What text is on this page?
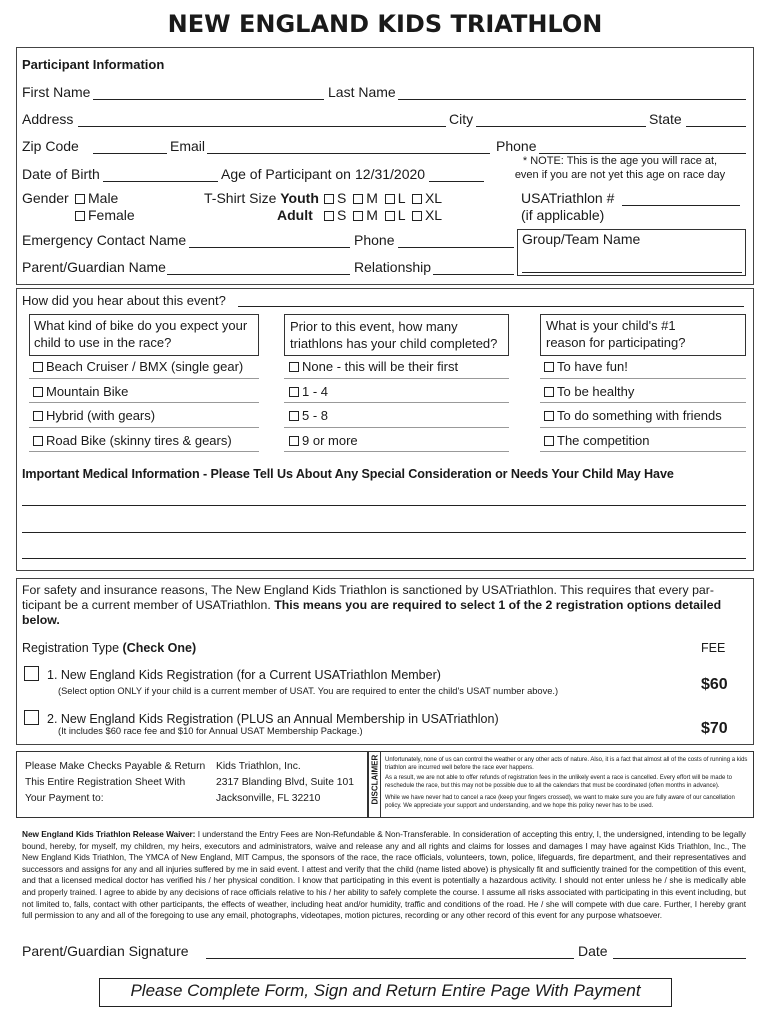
NEW ENGLAND KIDS TRIATHLON
Participant Information
First Name	Last Name
Address	City	State
Zip Code	Email	Phone
Date of Birth	Age of Participant on 12/31/2020
* NOTE: This is the age you will race at,
even if you are not yet this age on race day
Gender	Male
Female
T-Shirt Size Youth
Adult
S M L XL
S M L XL
USATriathlon #
(if applicable)
Emergency Contact Name	Phone
Parent/Guardian Name	Relationship
Group/Team Name
How did you hear about this event?
What kind of bike do you expect your
child to use in the race?
Prior to this event, how many
triathlons has your child completed?
What is your child's #1
reason for participating?
Beach Cruiser / BMX (single gear)
Mountain Bike
Hybrid (with gears)
Road Bike (skinny tires & gears)
None - this will be their first
1 - 4
5 - 8
9 or more
To have fun!
To be healthy
To do something with friends
The competition
Important Medical Information - Please Tell Us About Any Special Consideration or Needs Your Child May Have
For safety and insurance reasons, The New England Kids Triathlon is sanctioned by USATriathlon. This requires that every par-
ticipant be a current member of USATriathlon. This means you are required to select 1 of the 2 registration options detailed
below.
Registration Type (Check One)	FEE
1. New England Kids Registration (for a Current USATriathlon Member)
(Select option ONLY if your child is a current member of USAT. You are required to enter the child's USAT number above.)	$60
2. New England Kids Registration (PLUS an Annual Membership in USATriathlon)
(It includes $60 race fee and $10 for Annual USAT Membership Package.)	$70
Please Make Checks Payable & Return
This Entire Registration Sheet With
Your Payment to:
Kids Triathlon, Inc.
2317 Blanding Blvd, Suite 101
Jacksonville, FL 32210	DISCLAIMER Unfortunately, none of us can control the weather or any other acts of nature. Also, it is a fact that almost all of the costs of running a kids triathlon are incurred well before the race ever happens.
As a result, we are not able to offer refunds of registration fees in the unlikely event a race is cancelled. Every effort will be made to reschedule the race, but this may not be possible due to all the calendars that must be coordinated (often months in advance).
While we have never had to cancel a race (keep your fingers crossed), we want to make sure you are fully aware of our cancellation policy. We appreciate your support and understanding, and we hope this policy never has to be used.
New England Kids Triathlon Release Waiver: I understand the Entry Fees are Non-Refundable & Non-Transferable. In consideration of accepting this entry, I, the undersigned, intending to be legally bound, hereby, for myself, my children, my heirs, executors and administrators, waive and release any and all rights and claims for losses and damages I may have against Kids Triathlon, Inc., The New England Kids Triathlon, The YMCA of New England, MIT Campus, the sponsors of the race, the race officials, volunteers, town, police, lifeguards, fire department, and their representatives and successors and assigns for any and all injuries suffered by me in said event. I attest and verify that the child (name listed above) is physically fit and sufficiently trained for the competition of this event, and that a licensed medical doctor has verified his / her physical condition. I know that participating in this event is potentially a hazardous activity. I should not enter unless he / she is medically able and properly trained. I agree to abide by any decisions of race officials relative to his / her ability to safely complete the course. I assume all risks associated with participating in this event including, but not limited to, falls, contact with other participants, the effects of weather, including heat and/or humidity, traffic and conditions of the road. He / she will compete with due care. Further, I hereby grant full permission to any and all of the foregoing to use any email, photographs, videotapes, motion pictures, recording or any other record of this event for any purpose whatsoever.
Parent/Guardian Signature	Date
Please Complete Form, Sign and Return Entire Page With Payment
